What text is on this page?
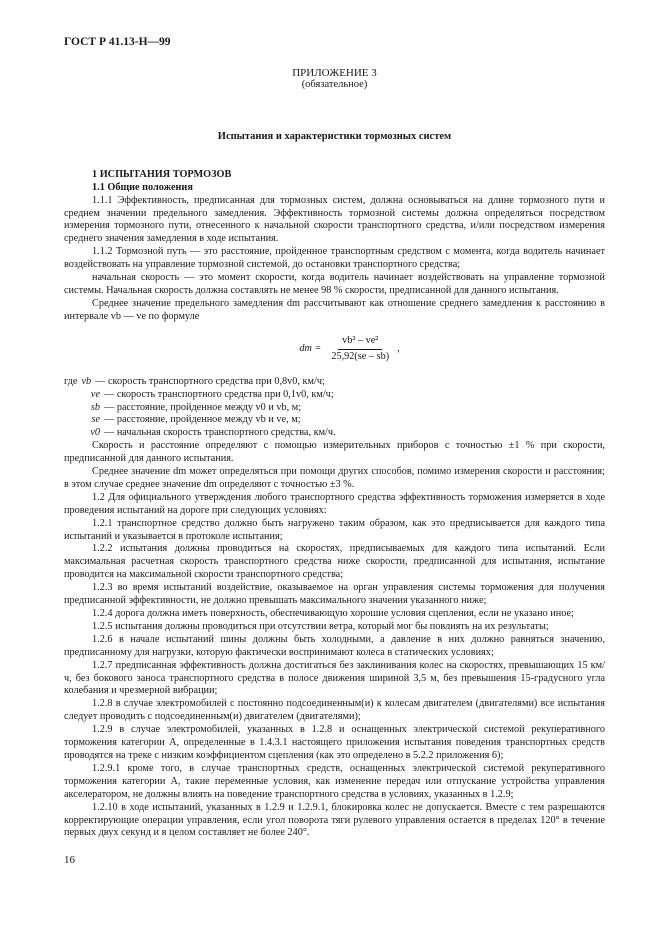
ГОСТ Р 41.13-Н—99

ПРИЛОЖЕНИЕ 3

(обязательное)

Испытания и характеристики тормозных систем
1 ИСПЫТАНИЯ ТОРМОЗОВ
1.1 Общие положения

1.1.1 Эффективность, предписанная для тормозных систем, должна основываться на длине тормозного пути и среднем значении предельного замедления. Эффективность тормозной системы должна определяться посредством измерения тормозного пути, отнесенного к начальной скорости транспортного средства, и/или посредством измерения среднего значения замедления в ходе испытания.

1.1.2 Тормозной путь — это расстояние, пройденное транспортным средством с момента, когда водитель начинает воздействовать на управление тормозной системой, до остановки транспортного средства;

начальная скорость — это момент скорости, когда водитель начинает воздействовать на управление тормозной системы. Начальная скорость должна составлять не менее 98 % скорости, предписанной для данного испытания.

Среднее значение предельного замедления dm рассчитывают как отношение среднего замедления к расстоянию в интервале vb — ve по формуле

dm = $\frac{\text{vb² – ve²}}{25,92(se - sb)}$ ,
где vb — скорость транспортного средства при 0,8v0, км/ч;
ve — скорость транспортного средства при 0,1v0, км/ч;
sb — расстояние, пройденное между v0 и vb, м;
se — расстояние, пройденное между vb и ve, м;
v0 — начальная скорость транспортного средства, км/ч.

Скорость и расстояние определяют с помощью измерительных приборов с точностью ±1 % при скорости, предписанной для данного испытания.

Среднее значение dm может определяться при помощи других способов, помимо измерения скорости и расстояния; в этом случае среднее значение dm определяют с точностью ±3 %.

1.2 Для официального утверждения любого транспортного средства эффективность торможения измеряется в ходе проведения испытаний на дороге при следующих условиях:

1.2.1 транспортное средство должно быть нагружено таким образом, как это предписывается для каждого типа испытаний и указывается в протоколе испытания;

1.2.2 испытания должны проводиться на скоростях, предписываемых для каждого типа испытаний. Если максимальная расчетная скорость транспортного средства ниже скорости, предписанной для испытания, испытание проводится на максимальной скорости транспортного средства;

1.2.3 во время испытаний воздействие, оказываемое на орган управления системы торможения для получения предписанной эффективности, не должно превышать максимального значения указанного ниже;

1.2.4 дорога должна иметь поверхность, обеспечивающую хорошие условия сцепления, если не указано иное;

1.2.5 испытания должны проводиться при отсутствии ветра, который мог бы повлиять на их результаты;

1.2.6 в начале испытаний шины должны быть холодными, а давление в них должно равняться значению, предписанному для нагрузки, которую фактически воспринимают колеса в статических условиях;

1.2.7 предписанная эффективность должна достигаться без заклинивания колес на скоростях, превышающих 15 км/ч, без бокового заноса транспортного средства в полосе движения шириной 3,5 м, без превышения 15-градусного угла колебания и чрезмерной вибрации;

1.2.8 в случае электромобилей с постоянно подсоединенным(и) к колесам двигателем (двигателями) все испытания следует проводить с подсоединенным(и) двигателем (двигателями);

1.2.9 в случае электромобилей, указанных в 1.2.8 и оснащенных электрической системой рекуперативного торможения категории А, определенные в 1.4.3.1 настоящего приложения испытания поведения транспортных средств проводятся на треке с низким коэффициентом сцепления (как это определено в 5.2.2 приложения 6);

1.2.9.1 кроме того, в случае транспортных средств, оснащенных электрической системой рекуперативного торможения категории А, такие переменные условия, как изменение передач или отпускание устройства управления акселератором, не должны влиять на поведение транспортного средства в условиях, указанных в 1.2.9;

1.2.10 в ходе испытаний, указанных в 1.2.9 и 1.2.9.1, блокировка колес не допускается. Вместе с тем разрешаются корректирующие операции управления, если угол поворота тяги рулевого управления остается в пределах 120° в течение первых двух секунд и в целом составляет не более 240°.

16
